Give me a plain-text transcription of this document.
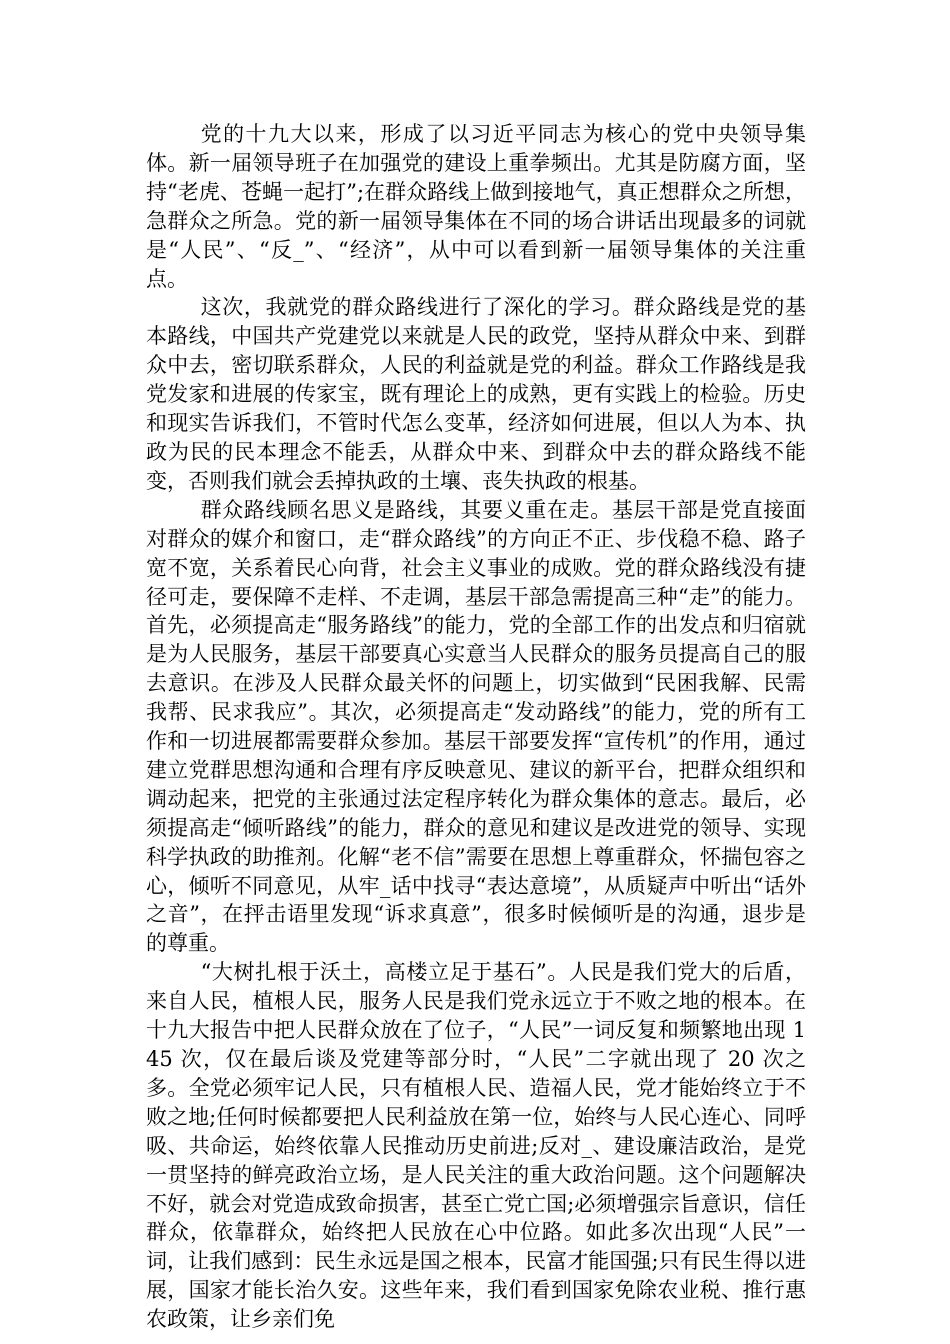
党的十九大以来，形成了以习近平同志为核心的党中央领导集体。新一届领导班子在加强党的建设上重拳频出。尤其是防腐方面，坚持“老虎、苍蝇一起打”;在群众路线上做到接地气，真正想群众之所想，急群众之所急。党的新一届领导集体在不同的场合讲话出现最多的词就是“人民”、“反_”、“经济”，从中可以看到新一届领导集体的关注重点。

这次，我就党的群众路线进行了深化的学习。群众路线是党的基本路线，中国共产党建党以来就是人民的政党，坚持从群众中来、到群众中去，密切联系群众，人民的利益就是党的利益。群众工作路线是我党发家和进展的传家宝，既有理论上的成熟，更有实践上的检验。历史和现实告诉我们，不管时代怎么变革，经济如何进展，但以人为本、执政为民的民本理念不能丢，从群众中来、到群众中去的群众路线不能变，否则我们就会丢掉执政的土壤、丧失执政的根基。

群众路线顾名思义是路线，其要义重在走。基层干部是党直接面对群众的媒介和窗口，走“群众路线”的方向正不正、步伐稳不稳、路子宽不宽，关系着民心向背，社会主义事业的成败。党的群众路线没有捷径可走，要保障不走样、不走调，基层干部急需提高三种“走”的能力。首先，必须提高走“服务路线”的能力，党的全部工作的出发点和归宿就是为人民服务，基层干部要真心实意当人民群众的服务员提高自己的服去意识。在涉及人民群众最关怀的问题上，切实做到“民困我解、民需我帮、民求我应”。其次，必须提高走“发动路线”的能力，党的所有工作和一切进展都需要群众参加。基层干部要发挥“宣传机”的作用，通过建立党群思想沟通和合理有序反映意见、建议的新平台，把群众组织和调动起来，把党的主张通过法定程序转化为群众集体的意志。最后，必须提高走“倾听路线”的能力，群众的意见和建议是改进党的领导、实现科学执政的助推剂。化解“老不信”需要在思想上尊重群众，怀揣包容之心，倾听不同意见，从牢_话中找寻“表达意境”，从质疑声中听出“话外之音”，在抨击语里发现“诉求真意”，很多时候倾听是的沟通，退步是的尊重。

“大树扎根于沃土，高楼立足于基石”。人民是我们党大的后盾，来自人民，植根人民，服务人民是我们党永远立于不败之地的根本。在十九大报告中把人民群众放在了位子，“人民”一词反复和频繁地出现 145 次，仅在最后谈及党建等部分时，“人民”二字就出现了 20 次之多。全党必须牢记人民，只有植根人民、造福人民，党才能始终立于不败之地;任何时候都要把人民利益放在第一位，始终与人民心连心、同呼吸、共命运，始终依靠人民推动历史前进;反对_、建设廉洁政治，是党一贯坚持的鲜亮政治立场，是人民关注的重大政治问题。这个问题解决不好，就会对党造成致命损害，甚至亡党亡国;必须增强宗旨意识，信任群众，依靠群众，始终把人民放在心中位路。如此多次出现“人民”一词，让我们感到：民生永远是国之根本，民富才能国强;只有民生得以进展，国家才能长治久安。这些年来，我们看到国家免除农业税、推行惠农政策，让乡亲们免
